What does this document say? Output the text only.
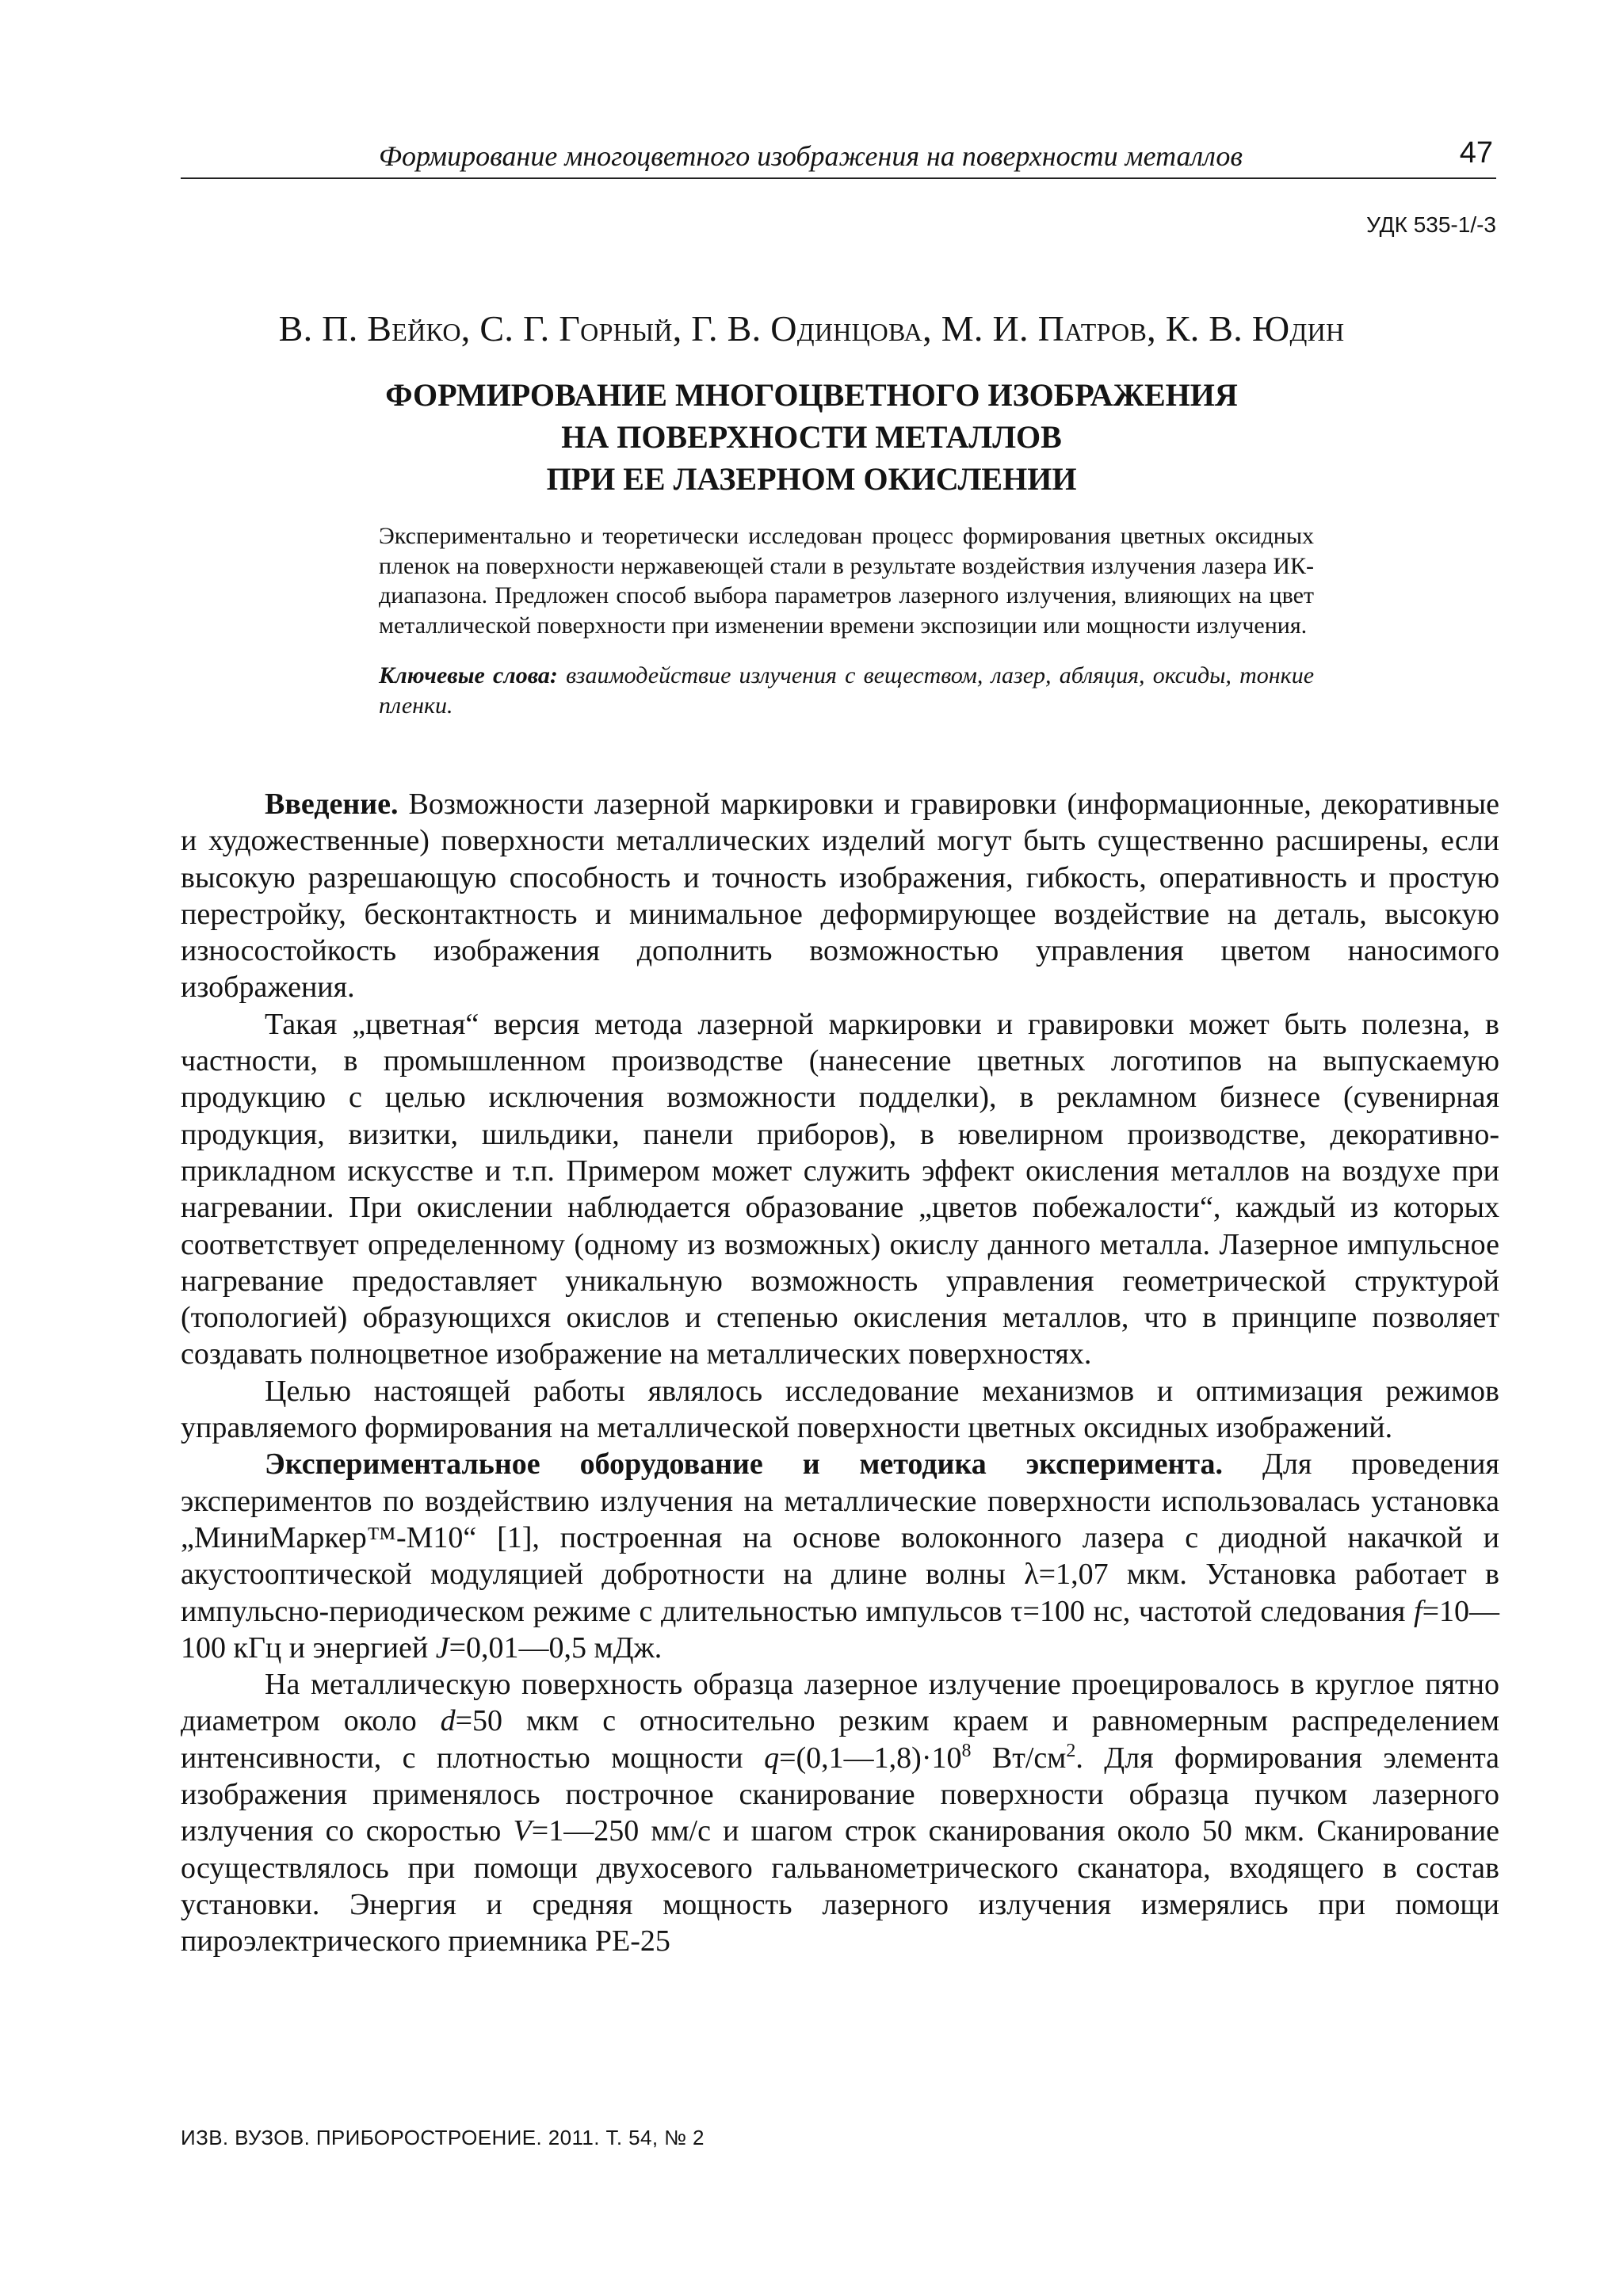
Формирование многоцветного изображения на поверхности металлов	47
УДК 535-1/-3
В. П. Вейко, С. Г. Горный, Г. В. Одинцова, М. И. Патров, К. В. Юдин
ФОРМИРОВАНИЕ МНОГОЦВЕТНОГО ИЗОБРАЖЕНИЯ
НА ПОВЕРХНОСТИ МЕТАЛЛОВ
ПРИ ЕЕ ЛАЗЕРНОМ ОКИСЛЕНИИ

Экспериментально и теоретически исследован процесс формирования цветных оксидных пленок на поверхности нержавеющей стали в результате воздействия излучения лазера ИК-диапазона. Предложен способ выбора параметров лазерного излучения, влияющих на цвет металлической поверхности при изменении времени экспозиции или мощности излучения.

Ключевые слова: взаимодействие излучения с веществом, лазер, абляция, оксиды, тонкие пленки.

Введение. Возможности лазерной маркировки и гравировки (информационные, декоративные и художественные) поверхности металлических изделий могут быть существенно расширены, если высокую разрешающую способность и точность изображения, гибкость, оперативность и простую перестройку, бесконтактность и минимальное деформирующее воздействие на деталь, высокую износостойкость изображения дополнить возможностью управления цветом наносимого изображения.

Такая „цветная“ версия метода лазерной маркировки и гравировки может быть полезна, в частности, в промышленном производстве (нанесение цветных логотипов на выпускаемую продукцию с целью исключения возможности подделки), в рекламном бизнесе (сувенирная продукция, визитки, шильдики, панели приборов), в ювелирном производстве, декоративно-прикладном искусстве и т.п. Примером может служить эффект окисления металлов на воздухе при нагревании. При окислении наблюдается образование „цветов побежалости“, каждый из которых соответствует определенному (одному из возможных) окислу данного металла. Лазерное импульсное нагревание предоставляет уникальную возможность управления геометрической структурой (топологией) образующихся окислов и степенью окисления металлов, что в принципе позволяет создавать полноцветное изображение на металлических поверхностях.

Целью настоящей работы являлось исследование механизмов и оптимизация режимов управляемого формирования на металлической поверхности цветных оксидных изображений.

Экспериментальное оборудование и методика эксперимента. Для проведения экспериментов по воздействию излучения на металлические поверхности использовалась установка „МиниМаркер™-М10“ [1], построенная на основе волоконного лазера с диодной накачкой и акустооптической модуляцией добротности на длине волны λ=1,07 мкм. Установка работает в импульсно-периодическом режиме с длительностью импульсов τ=100 нс, частотой следования f=10—100 кГц и энергией J=0,01—0,5 мДж.

На металлическую поверхность образца лазерное излучение проецировалось в круглое пятно диаметром около d=50 мкм с относительно резким краем и равномерным распределением интенсивности, с плотностью мощности $q=(0,1—1,8)\cdot 10^8$ $Вт/см^2$. Для формирования элемента изображения применялось построчное сканирование поверхности образца пучком лазерного излучения со скоростью V=1—250 мм/с и шагом строк сканирования около 50 мкм. Сканирование осуществлялось при помощи двухосевого гальванометрического сканатора, входящего в состав установки. Энергия и средняя мощность лазерного излучения измерялись при помощи пироэлектрического приемника РЕ-25

ИЗВ. ВУЗОВ. ПРИБОРОСТРОЕНИЕ. 2011. Т. 54, № 2
